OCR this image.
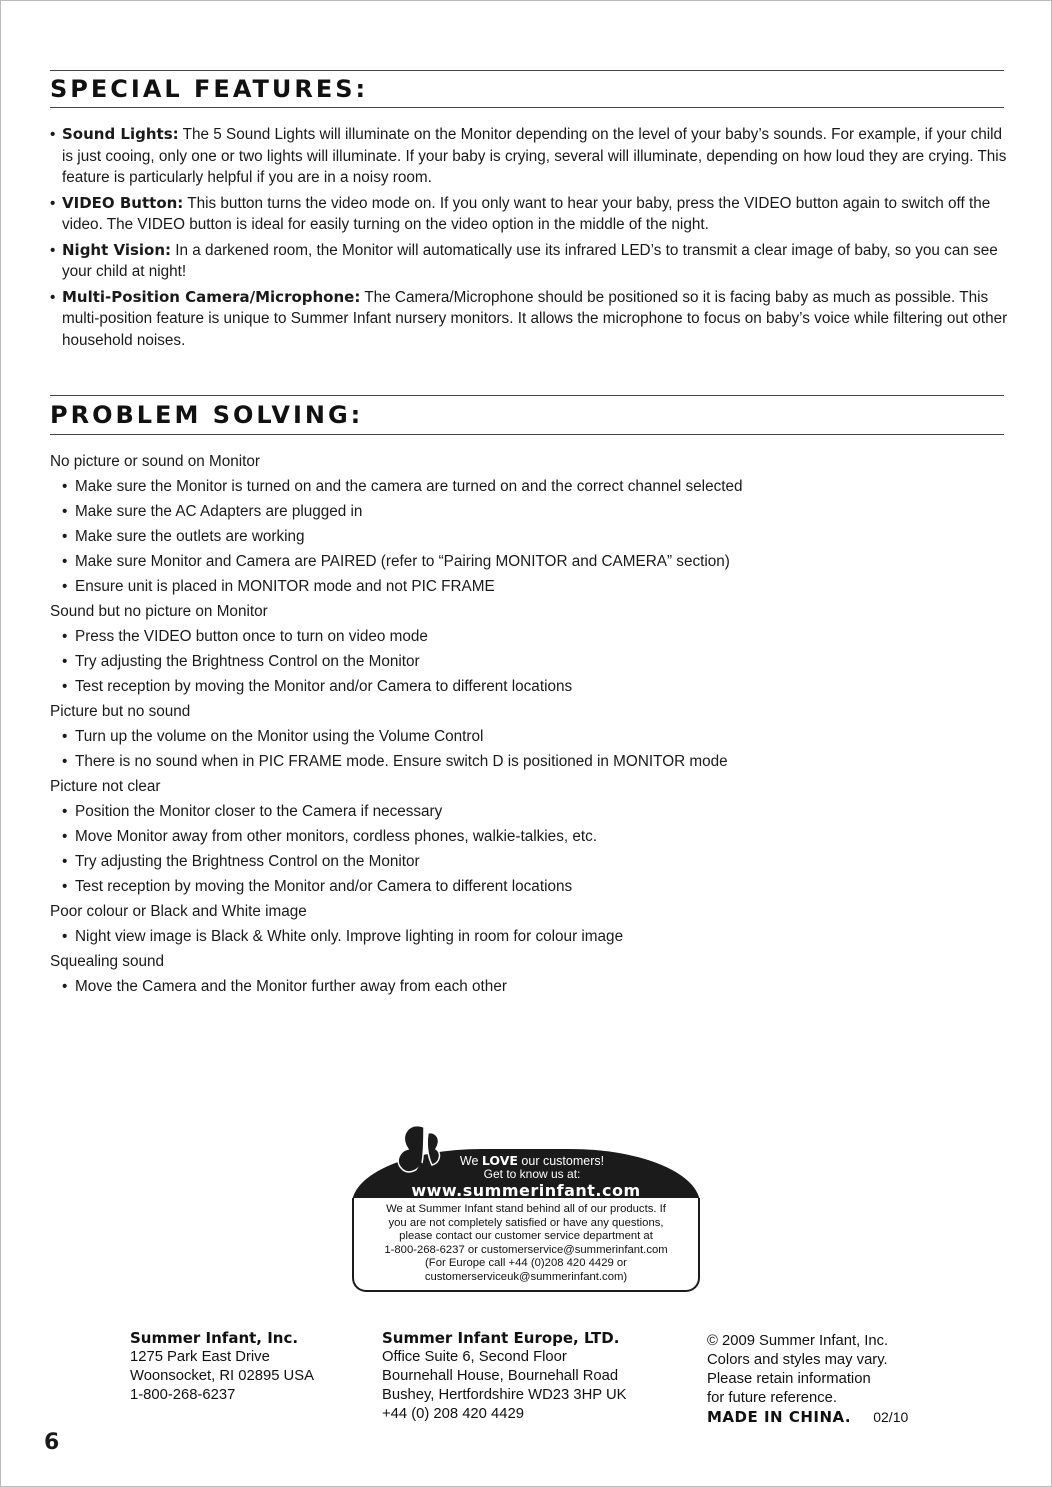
SPECIAL FEATURES:
• Sound Lights: The 5 Sound Lights will illuminate on the Monitor depending on the level of your baby’s sounds. For example, if your child is just cooing, only one or two lights will illuminate. If your baby is crying, several will illuminate, depending on how loud they are crying. This feature is particularly helpful if you are in a noisy room.
• VIDEO Button: This button turns the video mode on. If you only want to hear your baby, press the VIDEO button again to switch off the video. The VIDEO button is ideal for easily turning on the video option in the middle of the night.
• Night Vision: In a darkened room, the Monitor will automatically use its infrared LED’s to transmit a clear image of baby, so you can see your child at night!
• Multi-Position Camera/Microphone: The Camera/Microphone should be positioned so it is facing baby as much as possible. This multi-position feature is unique to Summer Infant nursery monitors. It allows the microphone to focus on baby’s voice while filtering out other household noises.
PROBLEM SOLVING:
No picture or sound on Monitor
• Make sure the Monitor is turned on and the camera are turned on and the correct channel selected
• Make sure the AC Adapters are plugged in
• Make sure the outlets are working
• Make sure Monitor and Camera are PAIRED (refer to “Pairing MONITOR and CAMERA” section)
• Ensure unit is placed in MONITOR mode and not PIC FRAME
Sound but no picture on Monitor
• Press the VIDEO button once to turn on video mode
• Try adjusting the Brightness Control on the Monitor
• Test reception by moving the Monitor and/or Camera to different locations
Picture but no sound
• Turn up the volume on the Monitor using the Volume Control
• There is no sound when in PIC FRAME mode. Ensure switch D is positioned in MONITOR mode
Picture not clear
• Position the Monitor closer to the Camera if necessary
• Move Monitor away from other monitors, cordless phones, walkie-talkies, etc.
• Try adjusting the Brightness Control on the Monitor
• Test reception by moving the Monitor and/or Camera to different locations
Poor colour or Black and White image
• Night view image is Black & White only. Improve lighting in room for colour image
Squealing sound
• Move the Camera and the Monitor further away from each other
We LOVE our customers!
Get to know us at:
www.summerinfant.com
We at Summer Infant stand behind all of our products. If
you are not completely satisfied or have any questions,
please contact our customer service department at
1-800-268-6237 or customerservice@summerinfant.com
(For Europe call +44 (0)208 420 4429 or
customerserviceuk@summerinfant.com)
Summer Infant, Inc.
1275 Park East Drive
Woonsocket, RI 02895 USA
1-800-268-6237
Summer Infant Europe, LTD.
Office Suite 6, Second Floor
Bournehall House, Bournehall Road
Bushey, Hertfordshire WD23 3HP UK
+44 (0) 208 420 4429
© 2009 Summer Infant, Inc.
Colors and styles may vary.
Please retain information
for future reference.
MADE IN CHINA. 02/10
6
